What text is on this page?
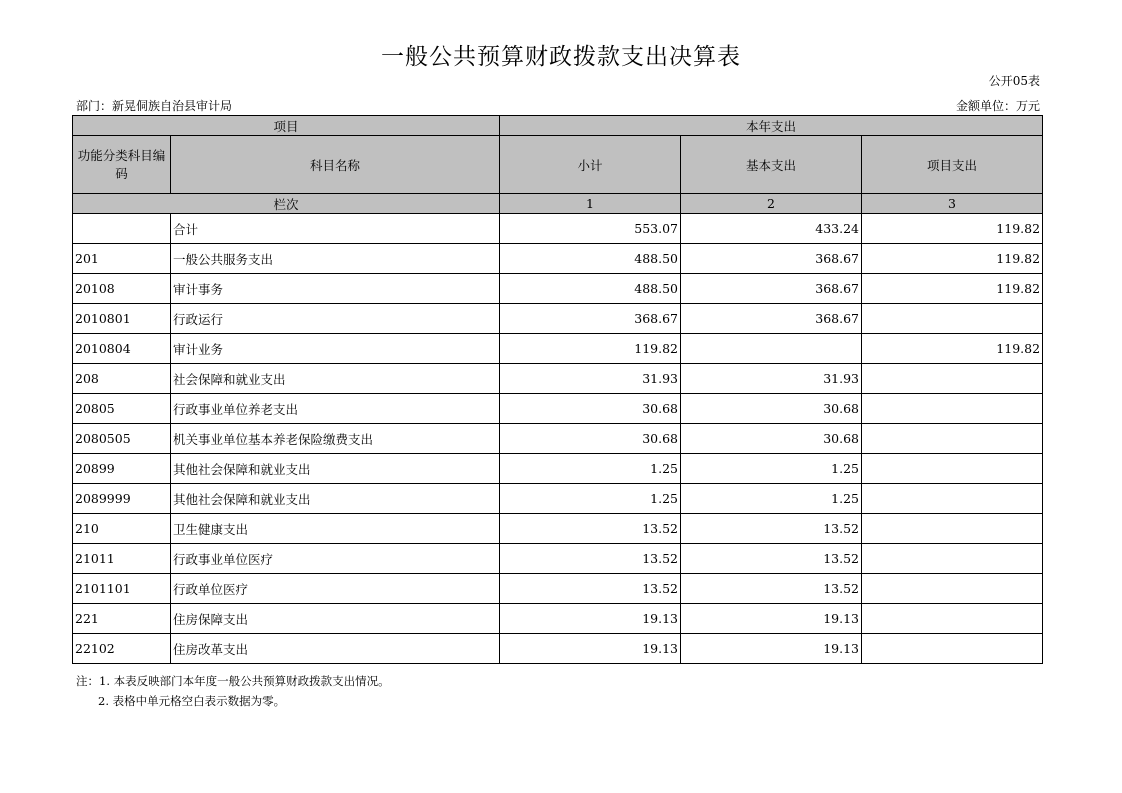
一般公共预算财政拨款支出决算表
公开05表
部门：新晃侗族自治县审计局	金额单位：万元
项目		本年支出		
功能分类科目编码	科目名称	小计	基本支出	项目支出
栏次		1	2	3
	合计	553.07	433.24	119.82
201	一般公共服务支出	488.50	368.67	119.82
20108	审计事务	488.50	368.67	119.82
2010801	行政运行	368.67	368.67	
2010804	审计业务	119.82		119.82
208	社会保障和就业支出	31.93	31.93	
20805	行政事业单位养老支出	30.68	30.68	
2080505	机关事业单位基本养老保险缴费支出	30.68	30.68	
20899	其他社会保障和就业支出	1.25	1.25	
2089999	其他社会保障和就业支出	1.25	1.25	
210	卫生健康支出	13.52	13.52	
21011	行政事业单位医疗	13.52	13.52	
2101101	行政单位医疗	13.52	13.52	
221	住房保障支出	19.13	19.13	
22102	住房改革支出	19.13	19.13	
注：1. 本表反映部门本年度一般公共预算财政拨款支出情况。
2. 表格中单元格空白表示数据为零。
